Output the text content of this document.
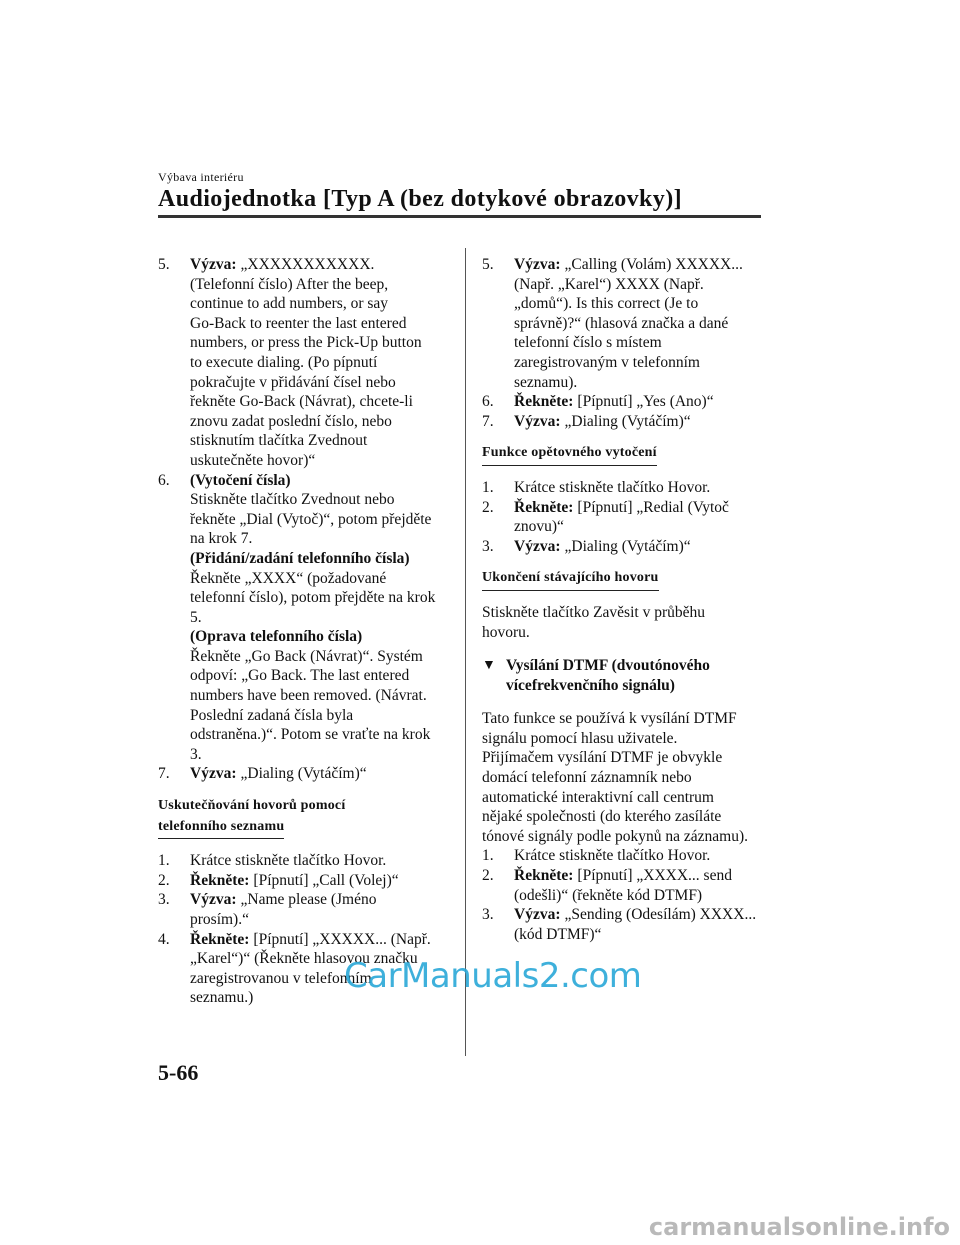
Výbava interiéru
Audiojednotka [Typ A (bez dotykové obrazovky)]
5.	Výzva: „XXXXXXXXXXX.
(Telefonní číslo) After the beep,
continue to add numbers, or say
Go-Back to reenter the last entered
numbers, or press the Pick-Up button
to execute dialing. (Po pípnutí
pokračujte v přidávání čísel nebo
řekněte Go-Back (Návrat), chcete-li
znovu zadat poslední číslo, nebo
stisknutím tlačítka Zvednout
uskutečněte hovor)“
6.	(Vytočení čísla)
Stiskněte tlačítko Zvednout nebo
řekněte „Dial (Vytoč)“, potom přejděte
na krok 7.
(Přidání/zadání telefonního čísla)
Řekněte „XXXX“ (požadované
telefonní číslo), potom přejděte na krok
5.
(Oprava telefonního čísla)
Řekněte „Go Back (Návrat)“. Systém
odpoví: „Go Back. The last entered
numbers have been removed. (Návrat.
Poslední zadaná čísla byla
odstraněna.)“. Potom se vraťte na krok
3.
7.	Výzva: „Dialing (Vytáčím)“
Uskutečňování hovorů pomocí
telefonního seznamu
1.	Krátce stiskněte tlačítko Hovor.
2.	Řekněte: [Pípnutí] „Call (Volej)“
3.	Výzva: „Name please (Jméno
prosím).“
4.	Řekněte: [Pípnutí] „XXXXX... (Např.
„Karel“)“ (Řekněte hlasovou značku
zaregistrovanou v telefonním
seznamu.)
5.	Výzva: „Calling (Volám) XXXXX...
(Např. „Karel“) XXXX (Např.
„domů“). Is this correct (Je to
správně)?“ (hlasová značka a dané
telefonní číslo s místem
zaregistrovaným v telefonním
seznamu).
6.	Řekněte: [Pípnutí] „Yes (Ano)“
7.	Výzva: „Dialing (Vytáčím)“
Funkce opětovného vytočení
1.	Krátce stiskněte tlačítko Hovor.
2.	Řekněte: [Pípnutí] „Redial (Vytoč
znovu)“
3.	Výzva: „Dialing (Vytáčím)“
Ukončení stávajícího hovoru
Stiskněte tlačítko Zavěsit v průběhu
hovoru.
▼ Vysílání DTMF (dvoutónového
vícefrekvenčního signálu)
Tato funkce se používá k vysílání DTMF
signálu pomocí hlasu uživatele.
Přijímačem vysílání DTMF je obvykle
domácí telefonní záznamník nebo
automatické interaktivní call centrum
nějaké společnosti (do kterého zasíláte
tónové signály podle pokynů na záznamu).
1.	Krátce stiskněte tlačítko Hovor.
2.	Řekněte: [Pípnutí] „XXXX... send
(odešli)“ (řekněte kód DTMF)
3.	Výzva: „Sending (Odesílám) XXXX...
(kód DTMF)“
CarManuals2.com
5-66
carmanualsonline.info
